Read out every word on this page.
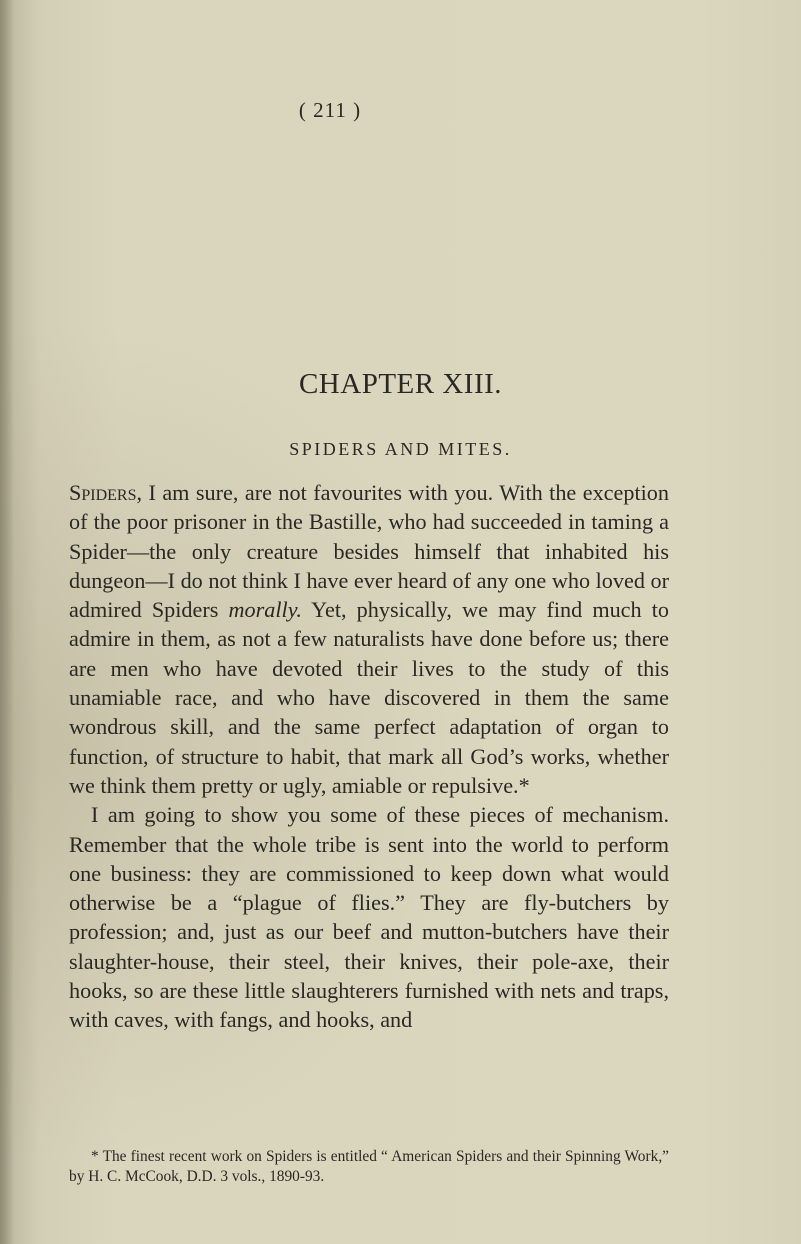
( 211 )
CHAPTER XIII.
SPIDERS AND MITES.

Spiders, I am sure, are not favourites with you. With the exception of the poor prisoner in the Bastille, who had succeeded in taming a Spider—the only creature besides himself that inhabited his dungeon—I do not think I have ever heard of any one who loved or admired Spiders morally. Yet, physically, we may find much to admire in them, as not a few naturalists have done before us; there are men who have devoted their lives to the study of this unamiable race, and who have discovered in them the same wondrous skill, and the same perfect adaptation of organ to function, of structure to habit, that mark all God’s works, whether we think them pretty or ugly, amiable or repulsive.*

I am going to show you some of these pieces of mechanism. Remember that the whole tribe is sent into the world to perform one business: they are commissioned to keep down what would otherwise be a “plague of flies.” They are fly-butchers by profession; and, just as our beef and mutton-butchers have their slaughter-house, their steel, their knives, their pole-axe, their hooks, so are these little slaughterers furnished with nets and traps, with caves, with fangs, and hooks, and

* The finest recent work on Spiders is entitled “ American Spiders and their Spinning Work,” by H. C. McCook, D.D. 3 vols., 1890-93.
